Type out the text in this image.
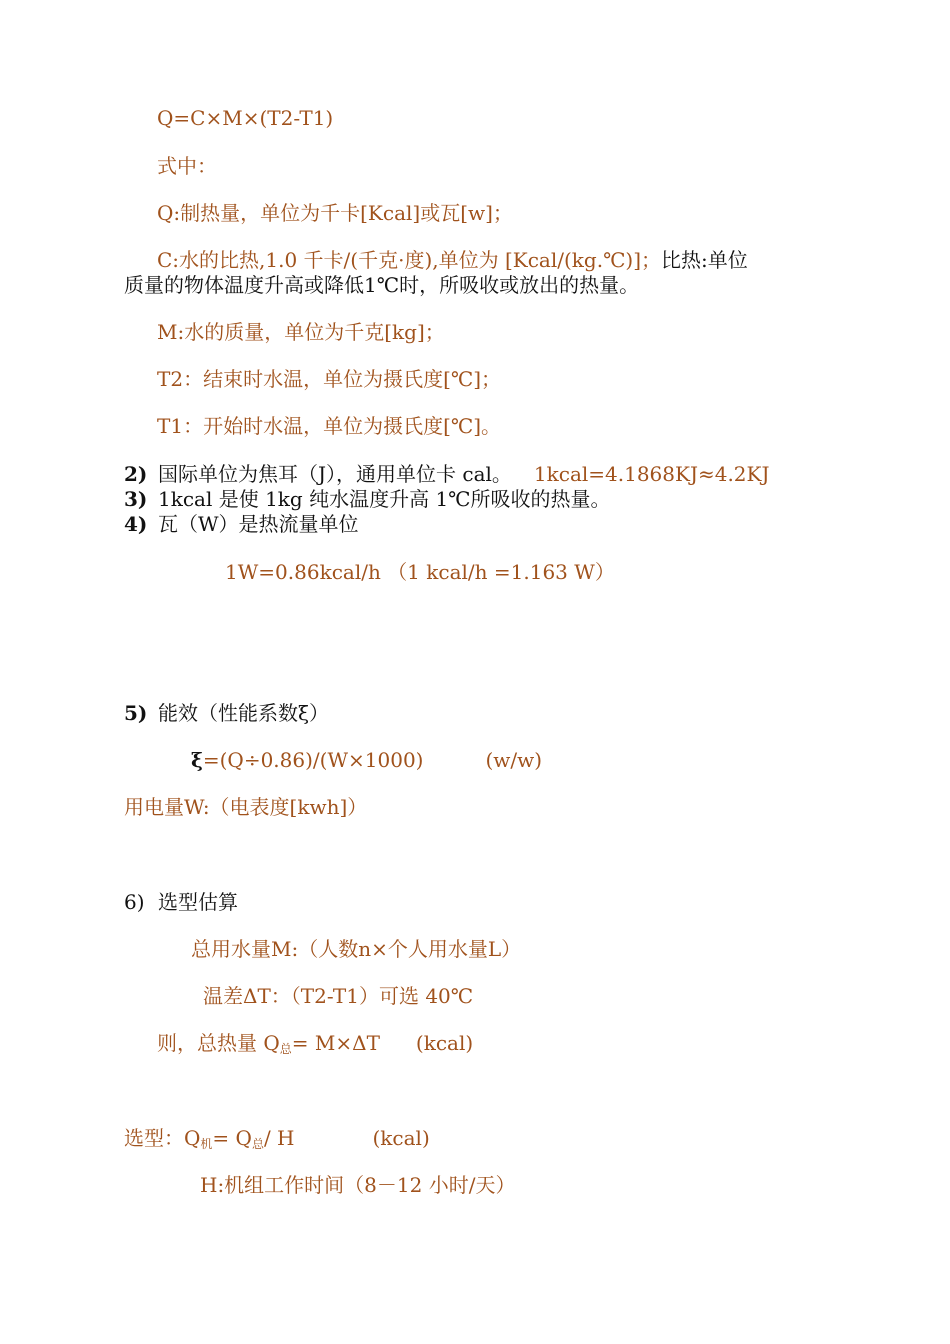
Q=C×M×(T2-T1)
式中：
Q:制热量，单位为千卡[Kcal]或瓦[w]；
C:水的比热,1.0 千卡/(千克·度),单位为 [Kcal/(kg.℃)]；比热:单位
质量的物体温度升高或降低1℃时，所吸收或放出的热量。
M:水的质量，单位为千克[kg]；
T2：结束时水温，单位为摄氏度[℃]；
T1：开始时水温，单位为摄氏度[℃]。
2) 国际单位为焦耳（J），通用单位卡 cal。 1kcal=4.1868KJ≈4.2KJ
3) 1kcal 是使 1kg 纯水温度升高 1℃所吸收的热量。
4) 瓦（W）是热流量单位
1W=0.86kcal/h （1 kcal/h =1.163 W）
5) 能效（性能系数ξ）
ξ=(Q÷0.86)/(W×1000)	(w/w)
用电量W:（电表度[kwh]）
6) 选型估算
总用水量M:（人数n×个人用水量L）
温差ΔT：（T2-T1）可选 40℃
则，总热量 $Q_总= M\times\Delta T$ (kcal)
选型：$Q_机= Q_总/$ H	(kcal)
H:机组工作时间（8－12 小时/天）
